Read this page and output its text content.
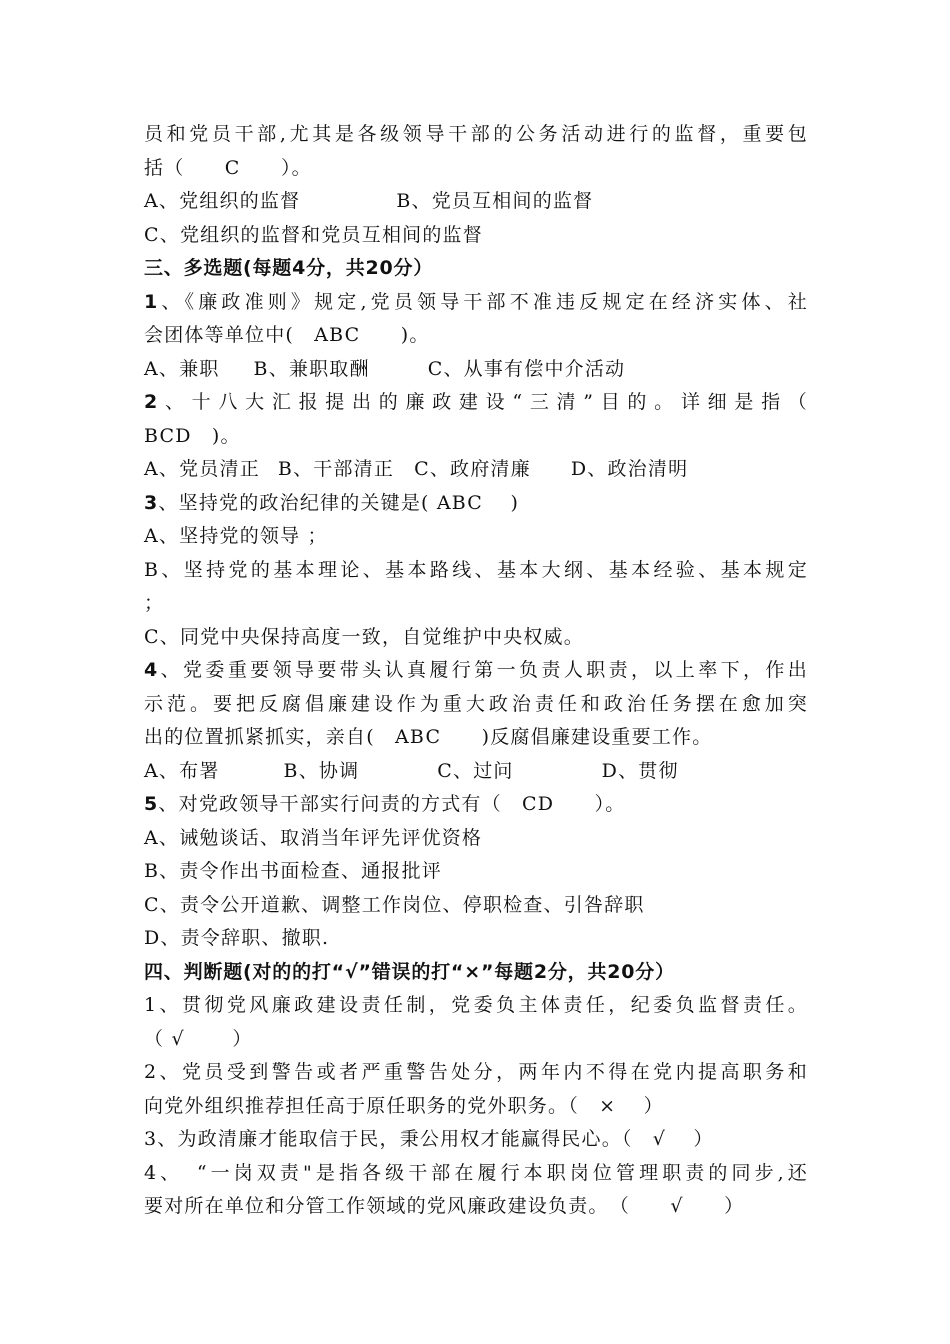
员和党员干部,尤其是各级领导干部的公务活动进行的监督，重要包
括（　　C　　）。
A、党组织的监督	B、党员互相间的监督
C、党组织的监督和党员互相间的监督
三、多选题(每题4分，共20分）
1、《廉政准则》规定,党员领导干部不准违反规定在经济实体、社
会团体等单位中(　ABC　　)。
A、兼职 B、兼职取酬	C、从事有偿中介活动
2、十八大汇报提出的廉政建设“三清”目的。详细是指（
BCD　)。
A、党员清正 B、干部清正 C、政府清廉 D、政治清明
3、坚持党的政治纪律的关键是( ABC　 )
A、坚持党的领导 ；
B、坚持党的基本理论、基本路线、基本大纲、基本经验、基本规定
；
C、同党中央保持高度一致，自觉维护中央权威。
4、党委重要领导要带头认真履行第一负责人职责，以上率下，作出
示范。要把反腐倡廉建设作为重大政治责任和政治任务摆在愈加突
出的位置抓紧抓实，亲自(　ABC　　)反腐倡廉建设重要工作。
A、布署	B、协调	C、过问	D、贯彻
5、对党政领导干部实行问责的方式有（　CD　　）。
A、诫勉谈话、取消当年评先评优资格
B、责令作出书面检查、通报批评
C、责令公开道歉、调整工作岗位、停职检查、引咎辞职
D、责令辞职、撤职.
四、判断题(对的的打“√”错误的打“×”每题2分，共20分）
1、贯彻党风廉政建设责任制，党委负主体责任，纪委负监督责任。
（ √　　 ）
2、党员受到警告或者严重警告处分，两年内不得在党内提高职务和
向党外组织推荐担任高于原任职务的党外职务。（　×　 ）
3、为政清廉才能取信于民，秉公用权才能赢得民心。（　√　 ）
4、　“一岗双责"是指各级干部在履行本职岗位管理职责的同步,还
要对所在单位和分管工作领域的党风廉政建设负责。　（　　√　　）
